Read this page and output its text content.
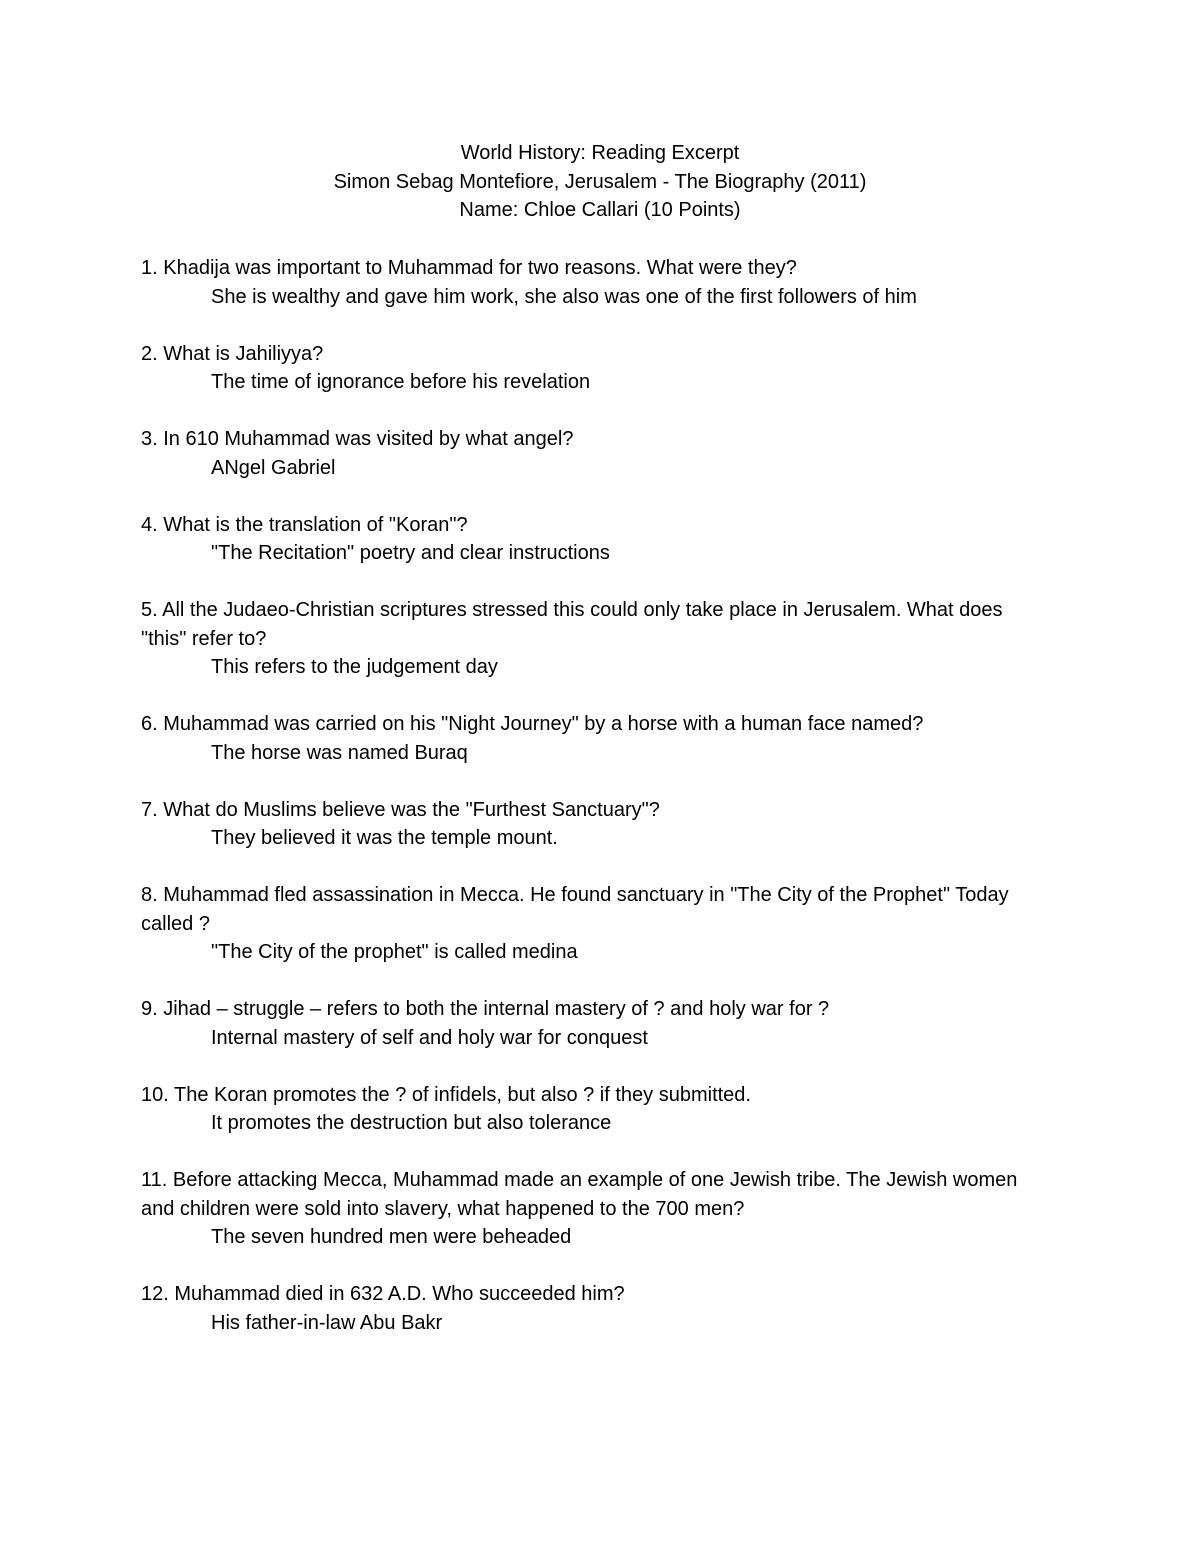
World History: Reading Excerpt
Simon Sebag Montefiore, Jerusalem - The Biography (2011)
Name: Chloe Callari (10 Points)
1. Khadija was important to Muhammad for two reasons. What were they?
She is wealthy and gave him work, she also was one of the first followers of him
2. What is Jahiliyya?
The time of ignorance before his revelation
3. In 610 Muhammad was visited by what angel?
ANgel Gabriel
4. What is the translation of "Koran"?
"The Recitation" poetry and clear instructions
5. All the Judaeo-Christian scriptures stressed this could only take place in Jerusalem. What does "this" refer to?
This refers to the judgement day
6. Muhammad was carried on his "Night Journey" by a horse with a human face named?
The horse was named Buraq
7. What do Muslims believe was the "Furthest Sanctuary"?
They believed it was the temple mount.
8. Muhammad fled assassination in Mecca. He found sanctuary in "The City of the Prophet" Today called ?
"The City of the prophet" is called medina
9. Jihad – struggle – refers to both the internal mastery of ? and holy war for ?
Internal mastery of self and holy war for conquest
10. The Koran promotes the ? of infidels, but also ? if they submitted.
It promotes the destruction but also tolerance
11. Before attacking Mecca, Muhammad made an example of one Jewish tribe. The Jewish women and children were sold into slavery, what happened to the 700 men?
The seven hundred men were beheaded
12. Muhammad died in 632 A.D. Who succeeded him?
His father-in-law Abu Bakr
